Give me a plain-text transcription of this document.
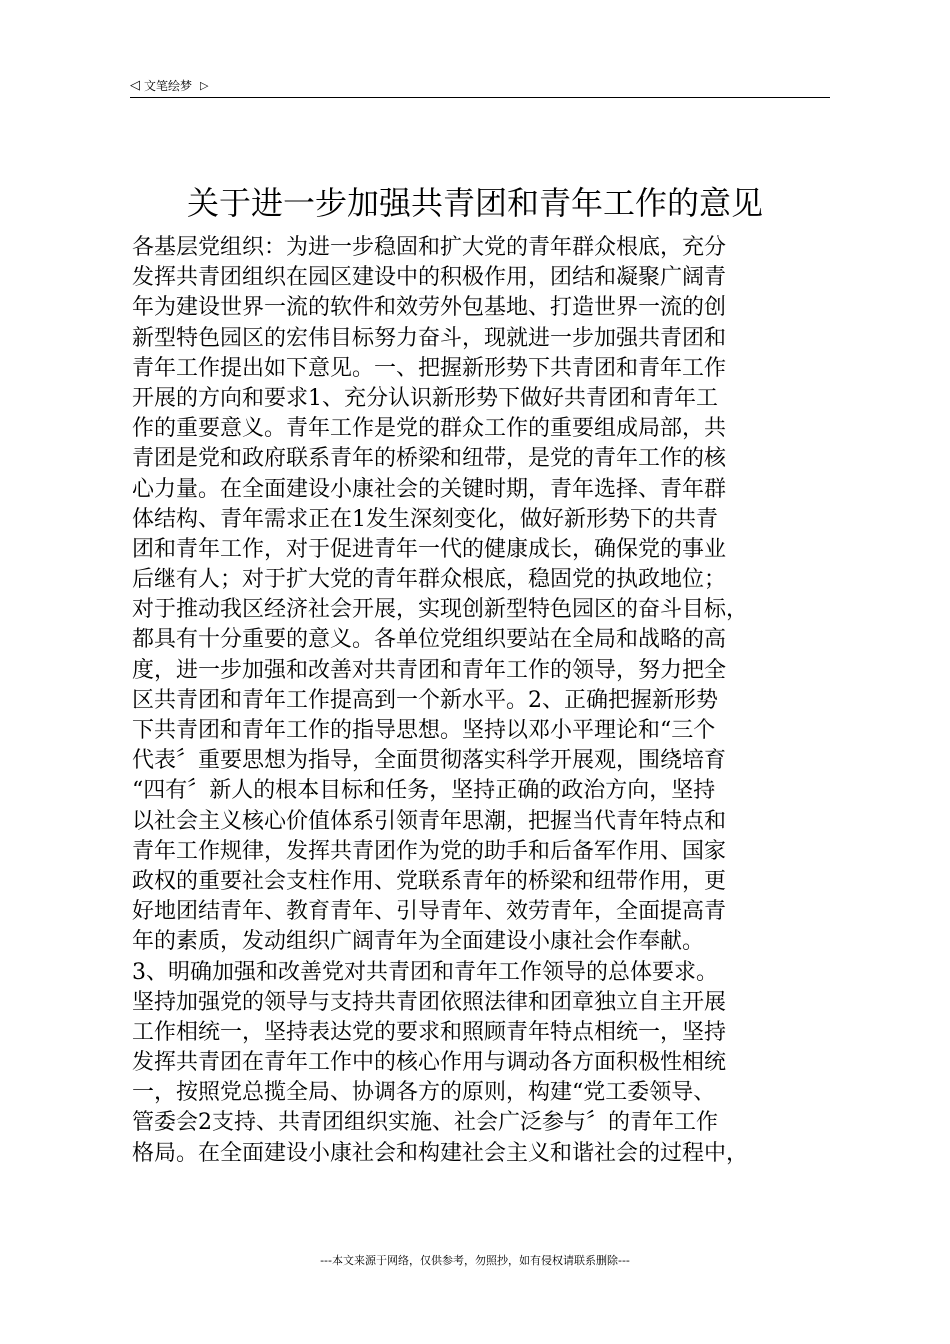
◁ 文笔绘梦 ▷
关于进一步加强共青团和青年工作的意见
各基层党组织：为进一步稳固和扩大党的青年群众根底，充分
发挥共青团组织在园区建设中的积极作用，团结和凝聚广阔青
年为建设世界一流的软件和效劳外包基地、打造世界一流的创
新型特色园区的宏伟目标努力奋斗，现就进一步加强共青团和
青年工作提出如下意见。一、把握新形势下共青团和青年工作
开展的方向和要求1、充分认识新形势下做好共青团和青年工
作的重要意义。青年工作是党的群众工作的重要组成局部，共
青团是党和政府联系青年的桥梁和纽带，是党的青年工作的核
心力量。在全面建设小康社会的关键时期，青年选择、青年群
体结构、青年需求正在1发生深刻变化，做好新形势下的共青
团和青年工作，对于促进青年一代的健康成长，确保党的事业
后继有人；对于扩大党的青年群众根底，稳固党的执政地位；
对于推动我区经济社会开展，实现创新型特色园区的奋斗目标，
都具有十分重要的意义。各单位党组织要站在全局和战略的高
度，进一步加强和改善对共青团和青年工作的领导，努力把全
区共青团和青年工作提高到一个新水平。2、正确把握新形势
下共青团和青年工作的指导思想。坚持以邓小平理论和“三个
代表〞重要思想为指导，全面贯彻落实科学开展观，围绕培育
“四有〞新人的根本目标和任务，坚持正确的政治方向，坚持
以社会主义核心价值体系引领青年思潮，把握当代青年特点和
青年工作规律，发挥共青团作为党的助手和后备军作用、国家
政权的重要社会支柱作用、党联系青年的桥梁和纽带作用，更
好地团结青年、教育青年、引导青年、效劳青年，全面提高青
年的素质，发动组织广阔青年为全面建设小康社会作奉献。
3、明确加强和改善党对共青团和青年工作领导的总体要求。
坚持加强党的领导与支持共青团依照法律和团章独立自主开展
工作相统一，坚持表达党的要求和照顾青年特点相统一，坚持
发挥共青团在青年工作中的核心作用与调动各方面积极性相统
一，按照党总揽全局、协调各方的原则，构建“党工委领导、
管委会2支持、共青团组织实施、社会广泛参与〞的青年工作
格局。在全面建设小康社会和构建社会主义和谐社会的过程中，
---本文来源于网络，仅供参考，勿照抄，如有侵权请联系删除---
